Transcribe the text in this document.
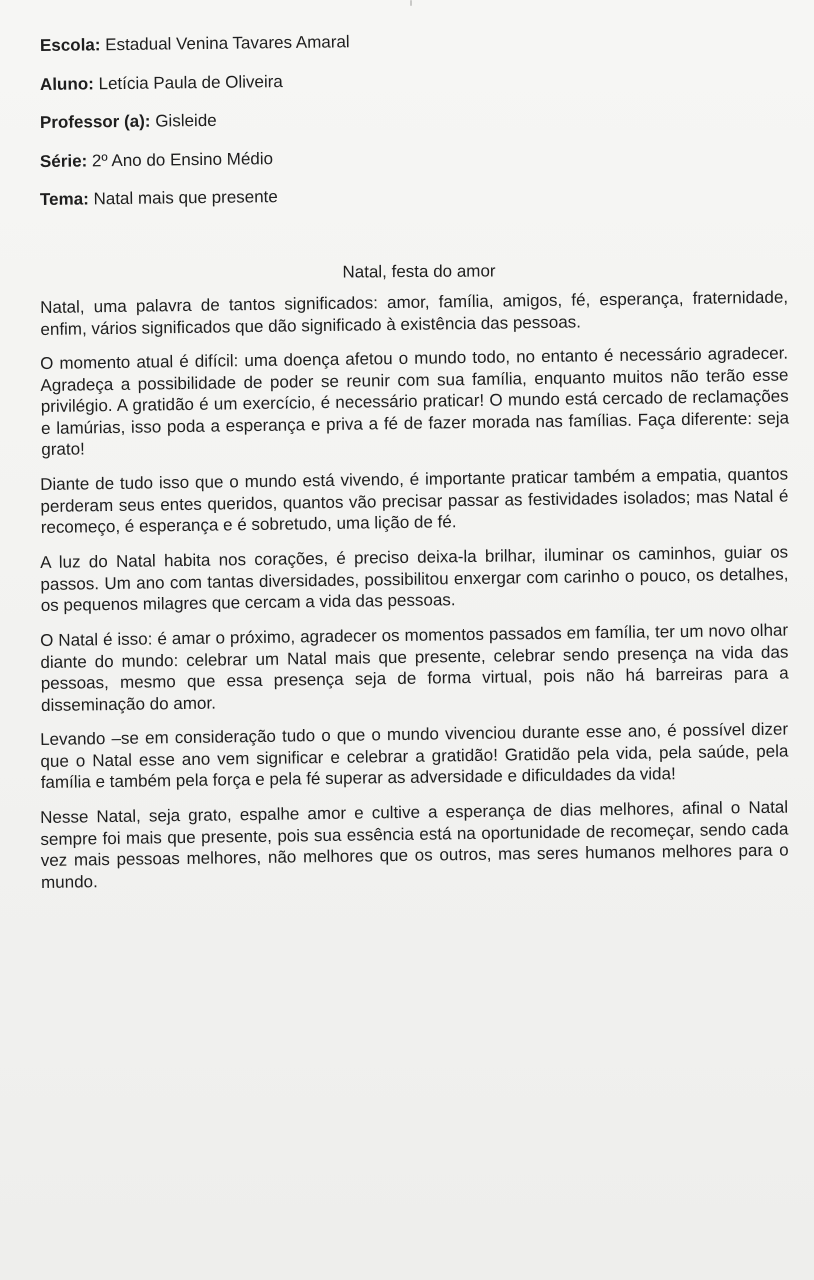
Escola: Estadual Venina Tavares Amaral
Aluno: Letícia Paula de Oliveira
Professor (a): Gisleide
Série: 2º Ano do Ensino Médio
Tema: Natal mais que presente
Natal, festa do amor

Natal, uma palavra de tantos significados: amor, família, amigos, fé, esperança, fraternidade, enfim, vários significados que dão significado à existência das pessoas.

O momento atual é difícil: uma doença afetou o mundo todo, no entanto é necessário agradecer. Agradeça a possibilidade de poder se reunir com sua família, enquanto muitos não terão esse privilégio. A gratidão é um exercício, é necessário praticar! O mundo está cercado de reclamações e lamúrias, isso poda a esperança e priva a fé de fazer morada nas famílias. Faça diferente: seja grato!

Diante de tudo isso que o mundo está vivendo, é importante praticar também a empatia, quantos perderam seus entes queridos, quantos vão precisar passar as festividades isolados; mas Natal é recomeço, é esperança e é sobretudo, uma lição de fé.

A luz do Natal habita nos corações, é preciso deixa-la brilhar, iluminar os caminhos, guiar os passos. Um ano com tantas diversidades, possibilitou enxergar com carinho o pouco, os detalhes, os pequenos milagres que cercam a vida das pessoas.

O Natal é isso: é amar o próximo, agradecer os momentos passados em família, ter um novo olhar diante do mundo: celebrar um Natal mais que presente, celebrar sendo presença na vida das pessoas, mesmo que essa presença seja de forma virtual, pois não há barreiras para a disseminação do amor.

Levando –se em consideração tudo o que o mundo vivenciou durante esse ano, é possível dizer que o Natal esse ano vem significar e celebrar a gratidão! Gratidão pela vida, pela saúde, pela família e também pela força e pela fé superar as adversidade e dificuldades da vida!

Nesse Natal, seja grato, espalhe amor e cultive a esperança de dias melhores, afinal o Natal sempre foi mais que presente, pois sua essência está na oportunidade de recomeçar, sendo cada vez mais pessoas melhores, não melhores que os outros, mas seres humanos melhores para o mundo.
